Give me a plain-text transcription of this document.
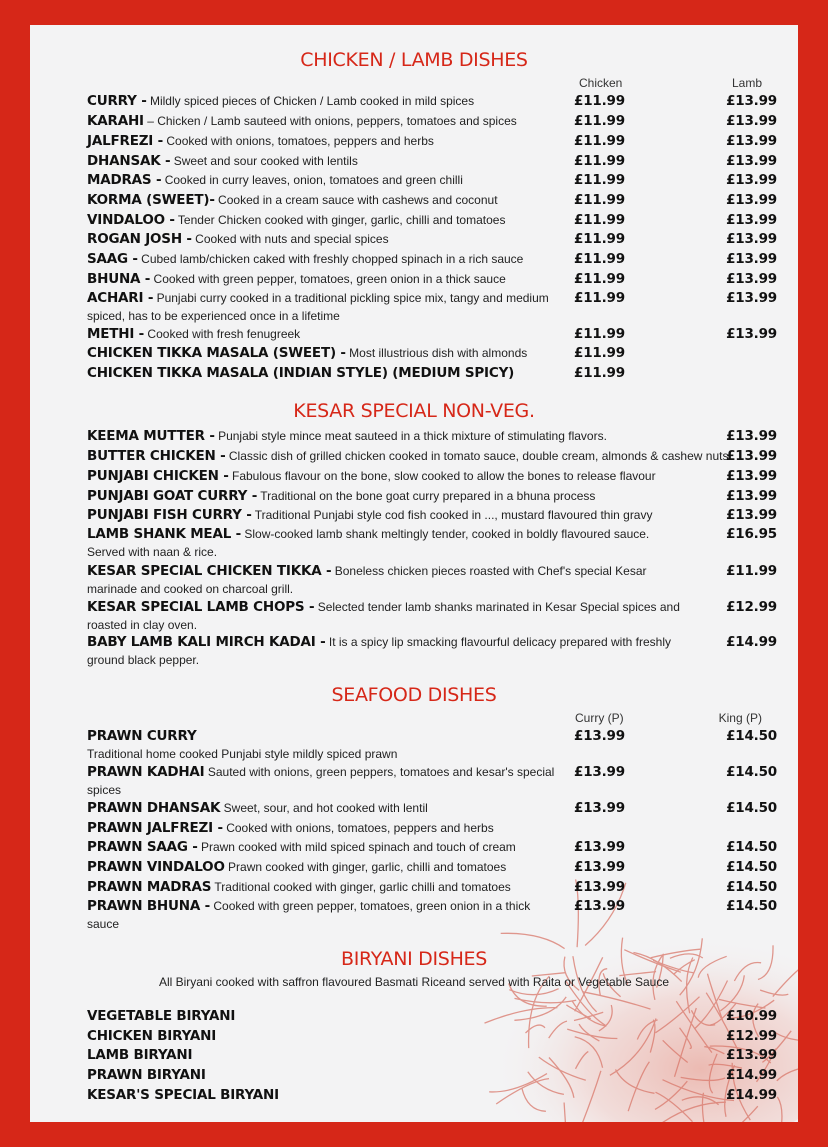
CHICKEN / LAMB DISHES
Chicken	Lamb
CURRY - Mildly spiced pieces of Chicken / Lamb cooked in mild spices	£11.99	£13.99
KARAHI – Chicken / Lamb sauteed with onions, peppers, tomatoes and spices	£11.99	£13.99
JALFREZI - Cooked with onions, tomatoes, peppers and herbs	£11.99	£13.99
DHANSAK - Sweet and sour cooked with lentils	£11.99	£13.99
MADRAS - Cooked in curry leaves, onion, tomatoes and green chilli	£11.99	£13.99
KORMA (SWEET)- Cooked in a cream sauce with cashews and coconut	£11.99	£13.99
VINDALOO - Tender Chicken cooked with ginger, garlic, chilli and tomatoes	£11.99	£13.99
ROGAN JOSH - Cooked with nuts and special spices	£11.99	£13.99
SAAG - Cubed lamb/chicken caked with freshly chopped spinach in a rich sauce	£11.99	£13.99
BHUNA - Cooked with green pepper, tomatoes, green onion in a thick sauce	£11.99	£13.99
ACHARI - Punjabi curry cooked in a traditional pickling spice mix, tangy and medium spiced, has to be experienced once in a lifetime
£11.99	£13.99
METHI - Cooked with fresh fenugreek	£11.99	£13.99
CHICKEN TIKKA MASALA (SWEET) - Most illustrious dish with almonds	£11.99
CHICKEN TIKKA MASALA (INDIAN STYLE) (MEDIUM SPICY)	£11.99
KESAR SPECIAL NON-VEG.
KEEMA MUTTER - Punjabi style mince meat sauteed in a thick mixture of stimulating flavors.	£13.99
BUTTER CHICKEN - Classic dish of grilled chicken cooked in tomato sauce, double cream, almonds & cashew nuts
£13.99
PUNJABI CHICKEN - Fabulous flavour on the bone, slow cooked to allow the bones to release flavour	£13.99
PUNJABI GOAT CURRY - Traditional on the bone goat curry prepared in a bhuna process	£13.99
PUNJABI FISH CURRY - Traditional Punjabi style cod fish cooked in ..., mustard flavoured thin gravy	£13.99
LAMB SHANK MEAL - Slow-cooked lamb shank meltingly tender, cooked in boldly flavoured sauce. Served with naan & rice.
£16.95
KESAR SPECIAL CHICKEN TIKKA - Boneless chicken pieces roasted with Chef's special Kesar marinade and cooked on charcoal grill.
£11.99
KESAR SPECIAL LAMB CHOPS - Selected tender lamb shanks marinated in Kesar Special spices and roasted in clay oven.
£12.99
BABY LAMB KALI MIRCH KADAI - It is a spicy lip smacking flavourful delicacy prepared with freshly ground black pepper.
£14.99
SEAFOOD DISHES
Curry (P)	King (P)
PRAWN CURRY
Traditional home cooked Punjabi style mildly spiced prawn
£13.99	£14.50
PRAWN KADHAI Sauted with onions, green peppers, tomatoes and kesar's special spices
£13.99	£14.50
PRAWN DHANSAK Sweet, sour, and hot cooked with lentil	£13.99	£14.50
PRAWN JALFREZI - Cooked with onions, tomatoes, peppers and herbs
PRAWN SAAG - Prawn cooked with mild spiced spinach and touch of cream	£13.99	£14.50
PRAWN VINDALOO Prawn cooked with ginger, garlic, chilli and tomatoes	£13.99	£14.50
PRAWN MADRAS Traditional cooked with ginger, garlic chilli and tomatoes	£13.99	£14.50
PRAWN BHUNA - Cooked with green pepper, tomatoes, green onion in a thick sauce
£13.99	£14.50
BIRYANI DISHES
All Biryani cooked with saffron flavoured Basmati Riceand served with Raita or Vegetable Sauce
VEGETABLE BIRYANI	£10.99
CHICKEN BIRYANI	£12.99
LAMB BIRYANI	£13.99
PRAWN BIRYANI	£14.99
KESAR'S SPECIAL BIRYANI	£14.99
